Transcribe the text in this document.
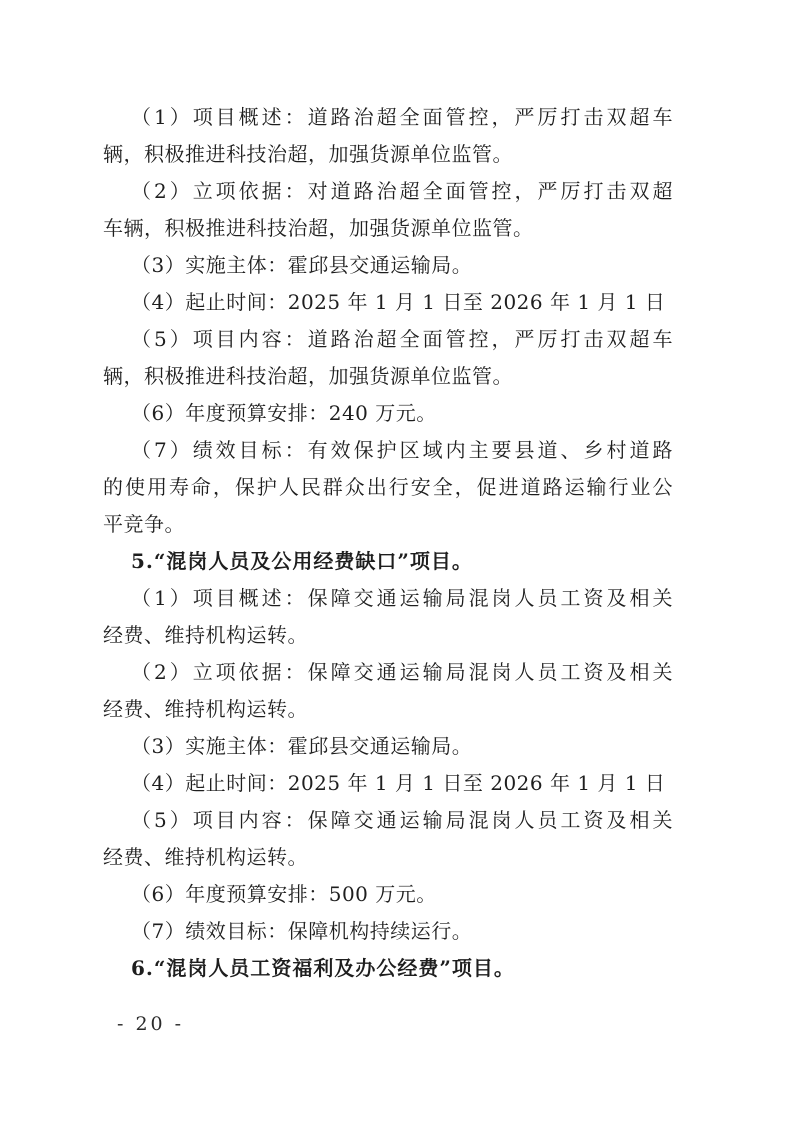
（1）项目概述：道路治超全面管控，严厉打击双超车
辆，积极推进科技治超，加强货源单位监管。
（2）立项依据：对道路治超全面管控，严厉打击双超
车辆，积极推进科技治超，加强货源单位监管。
（3）实施主体：霍邱县交通运输局。
（4）起止时间：2025 年 1 月 1 日至 2026 年 1 月 1 日
（5）项目内容：道路治超全面管控，严厉打击双超车
辆，积极推进科技治超，加强货源单位监管。
（6）年度预算安排：240 万元。
（7）绩效目标：有效保护区域内主要县道、乡村道路
的使用寿命，保护人民群众出行安全，促进道路运输行业公
平竞争。
5.“混岗人员及公用经费缺口”项目。
（1）项目概述：保障交通运输局混岗人员工资及相关
经费、维持机构运转。
（2）立项依据：保障交通运输局混岗人员工资及相关
经费、维持机构运转。
（3）实施主体：霍邱县交通运输局。
（4）起止时间：2025 年 1 月 1 日至 2026 年 1 月 1 日
（5）项目内容：保障交通运输局混岗人员工资及相关
经费、维持机构运转。
（6）年度预算安排：500 万元。
（7）绩效目标：保障机构持续运行。
6.“混岗人员工资福利及办公经费”项目。
- 20 -
